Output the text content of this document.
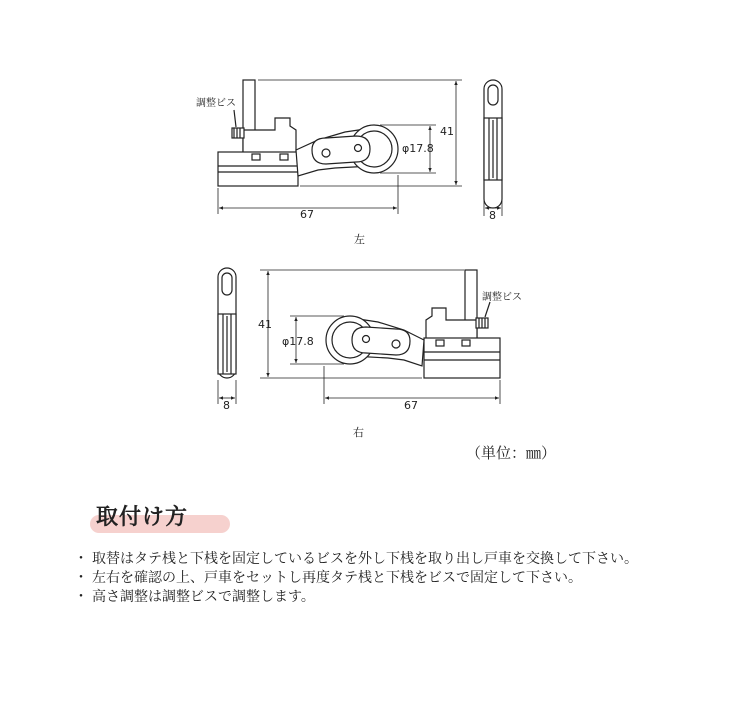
調整ビス
67
41
φ17.8
8
左
調整ビス
67
41
φ17.8
8
右
（単位：㎜）
取付け方
・ 取替はタテ桟と下桟を固定しているビスを外し下桟を取り出し戸車を交換して下さい。
・ 左右を確認の上、戸車をセットし再度タテ桟と下桟をビスで固定して下さい。
・ 高さ調整は調整ビスで調整します。
